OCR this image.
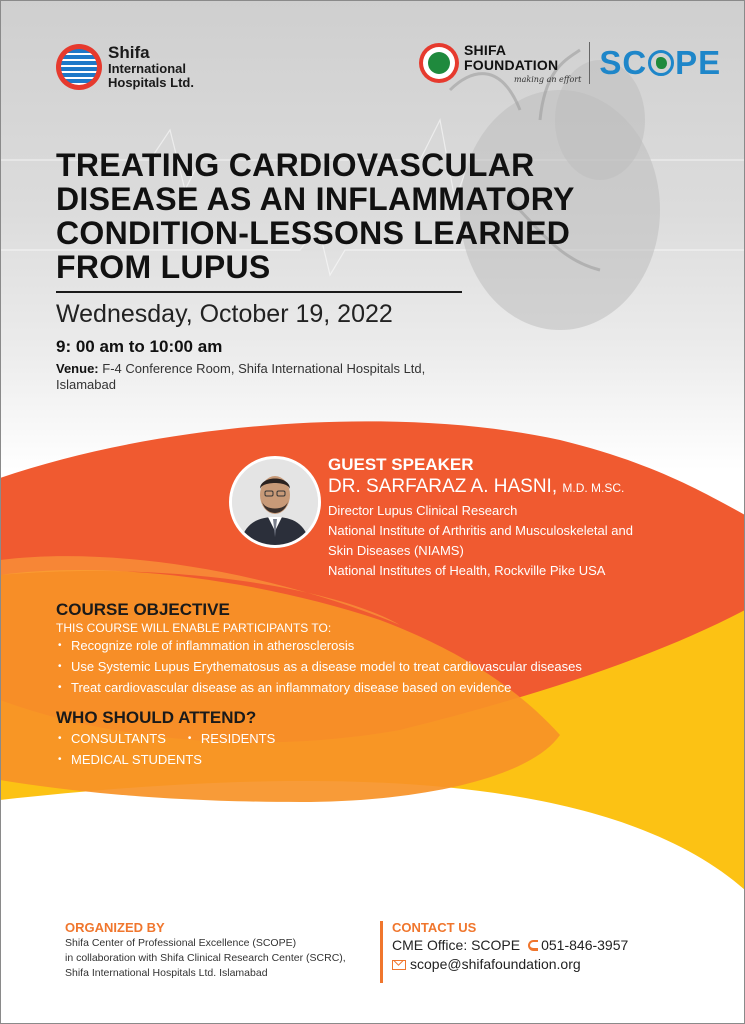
Shifa
International
Hospitals Ltd.
SHIFA
FOUNDATION
making an effort SC PE
TREATING CARDIOVASCULAR DISEASE AS AN INFLAMMATORY CONDITION-LESSONS LEARNED FROM LUPUS
Wednesday, October 19, 2022
9: 00 am to 10:00 am
Venue: F-4 Conference Room, Shifa International Hospitals Ltd, Islamabad
GUEST SPEAKER
DR. SARFARAZ A. HASNI, M.D. M.SC.
Director Lupus Clinical Research
National Institute of Arthritis and Musculoskeletal and
Skin Diseases (NIAMS)
National Institutes of Health, Rockville Pike USA
COURSE OBJECTIVE
THIS COURSE WILL ENABLE PARTICIPANTS TO:
• Recognize role of inflammation in atherosclerosis
• Use Systemic Lupus Erythematosus as a disease model to treat cardiovascular diseases
• Treat cardiovascular disease as an inflammatory disease based on evidence
WHO SHOULD ATTEND?
• CONSULTANTS
•	RESIDENTS
• MEDICAL STUDENTS
ORGANIZED BY
Shifa Center of Professional Excellence (SCOPE)
in collaboration with Shifa Clinical Research Center (SCRC),
Shifa International Hospitals Ltd. Islamabad
CONTACT US
CME Office: SCOPE 051-846-3957
scope@shifafoundation.org
